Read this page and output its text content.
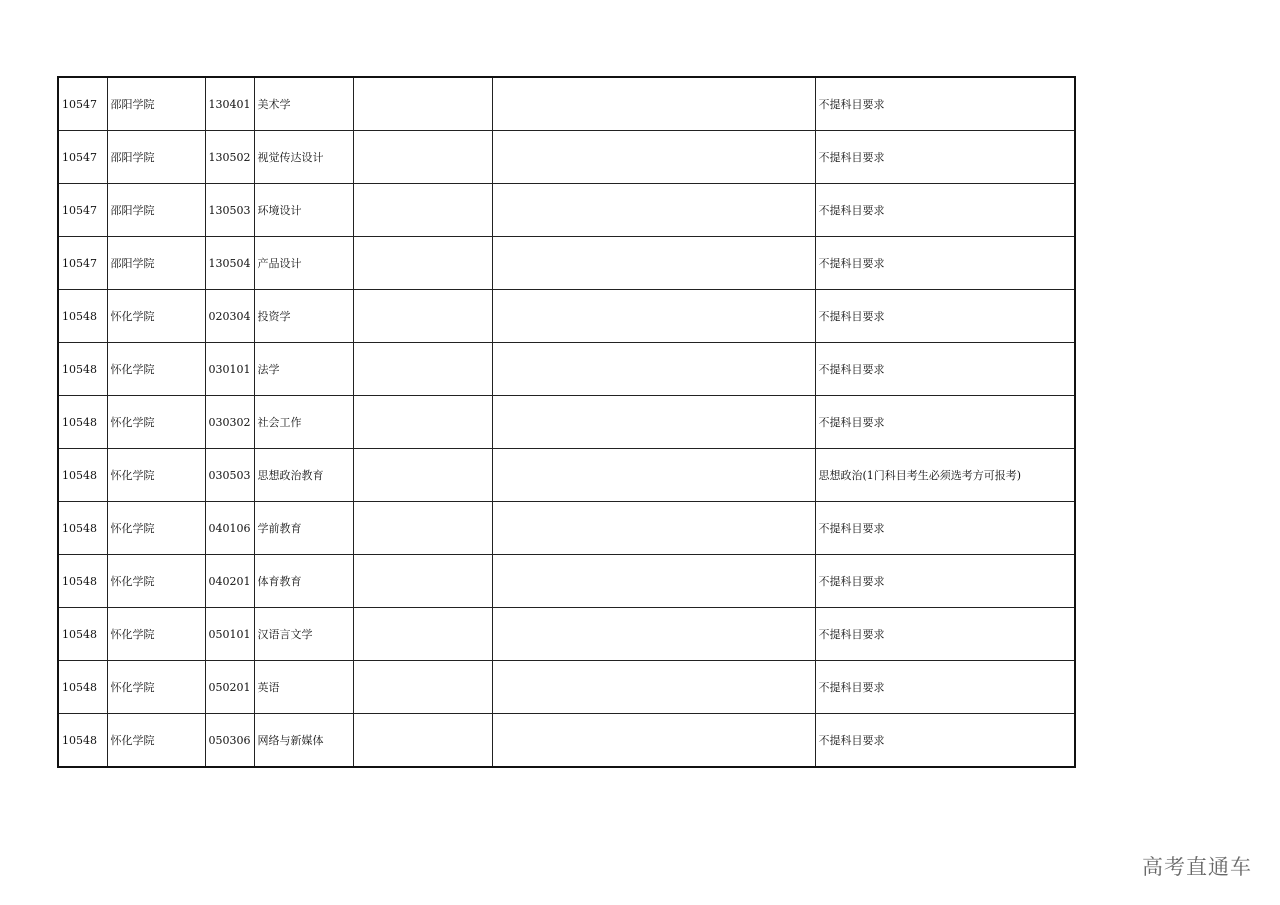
10547	邵阳学院	130401	美术学			不提科目要求
10547	邵阳学院	130502	视觉传达设计			不提科目要求
10547	邵阳学院	130503	环境设计			不提科目要求
10547	邵阳学院	130504	产品设计			不提科目要求
10548	怀化学院	020304	投资学			不提科目要求
10548	怀化学院	030101	法学			不提科目要求
10548	怀化学院	030302	社会工作			不提科目要求
10548	怀化学院	030503	思想政治教育			思想政治(1门科目考生必须选考方可报考)
10548	怀化学院	040106	学前教育			不提科目要求
10548	怀化学院	040201	体育教育			不提科目要求
10548	怀化学院	050101	汉语言文学			不提科目要求
10548	怀化学院	050201	英语			不提科目要求
10548	怀化学院	050306	网络与新媒体			不提科目要求
高考直通车
